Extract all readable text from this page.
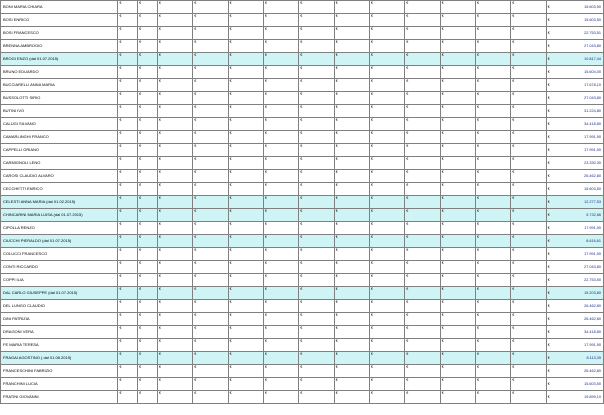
BONI MARIA CHIARA	€	€	€	€	€	€	€	€	€	€	€	€	€	€ 15.603,50

BOSI ENRICO	€	€	€	€	€	€	€	€	€	€	€	€	€	€ 15.603,50

BOSI FRANCESCO	€	€	€	€	€	€	€	€	€	€	€	€	€	€ 22.753,51

BRENNA AMBROGIO	€	€	€	€	€	€	€	€	€	€	€	€	€	€ 27.043,80

BROGI ENZO (dal 01.07.2015)	€	€	€	€	€	€	€	€	€	€	€	€	€	€ 10.817,44

BRUNO EDUARDO	€	€	€	€	€	€	€	€	€	€	€	€	€	€ 15.604,00

BUCCIARELLI ANNA MARIA	€	€	€	€	€	€	€	€	€	€	€	€	€	€ 17.678,10

BUSSOLOTTI SIRIO	€	€	€	€	€	€	€	€	€	€	€	€	€	€ 27.043,80

BUTINI IVO	€	€	€	€	€	€	€	€	€	€	€	€	€	€ 31.224,80

CALUGI SILVANO	€	€	€	€	€	€	€	€	€	€	€	€	€	€ 34.418,80

CAMARLINGHI FRANCO	€	€	€	€	€	€	€	€	€	€	€	€	€	€ 17.991,90

CAPPELLI ORIANO	€	€	€	€	€	€	€	€	€	€	€	€	€	€ 17.991,90

CARMIGNOLI LENO	€	€	€	€	€	€	€	€	€	€	€	€	€	€ 23.330,30

CAROSI CLAUDIO ALVARO	€	€	€	€	€	€	€	€	€	€	€	€	€	€ 26.462,80

CECCHETTI ENRICO	€	€	€	€	€	€	€	€	€	€	€	€	€	€ 15.603,50

CELESTI ANNA MARIA (dal 01.02.2015)	€	€	€	€	€	€	€	€	€	€	€	€	€	€ 12.277,53

CHINCARINI MARIA LUISA (dal 01.07.2015)	€	€	€	€	€	€	€	€	€	€	€	€	€	€ 5.732,86

CIPOLLA RENZO	€	€	€	€	€	€	€	€	€	€	€	€	€	€ 17.991,90

CIUCCHI PIERALDO (dal 01.07.2015)	€	€	€	€	€	€	€	€	€	€	€	€	€	€ 8.616,61

COLUCCI FRANCESCO	€	€	€	€	€	€	€	€	€	€	€	€	€	€ 17.991,90

CONTI RICCARDO	€	€	€	€	€	€	€	€	€	€	€	€	€	€ 27.043,80

COPPI ILIA	€	€	€	€	€	€	€	€	€	€	€	€	€	€ 22.753,50

DAL CARLO GIUSEPPE (dal 01.07.2015)	€	€	€	€	€	€	€	€	€	€	€	€	€	€ 15.203,80

DEL LUNGO CLAUDIO	€	€	€	€	€	€	€	€	€	€	€	€	€	€ 26.462,80

DINI PATRIZIA	€	€	€	€	€	€	€	€	€	€	€	€	€	€ 26.462,80

DRAGONI VERA	€	€	€	€	€	€	€	€	€	€	€	€	€	€ 34.418,80

FE MARIA TERESA	€	€	€	€	€	€	€	€	€	€	€	€	€	€ 17.991,90

FRAGAI AGOSTINO ( dal 01.08.2015)	€	€	€	€	€	€	€	€	€	€	€	€	€	€ 8.113,39

FRANCESCHINI FABRIZIO	€	€	€	€	€	€	€	€	€	€	€	€	€	€ 26.462,80

FRANCHINI LUCIA	€	€	€	€	€	€	€	€	€	€	€	€	€	€ 15.603,50

FRATINI GIOVANNI	€	€	€	€	€	€	€	€	€	€	€	€	€	€ 19.899,10
